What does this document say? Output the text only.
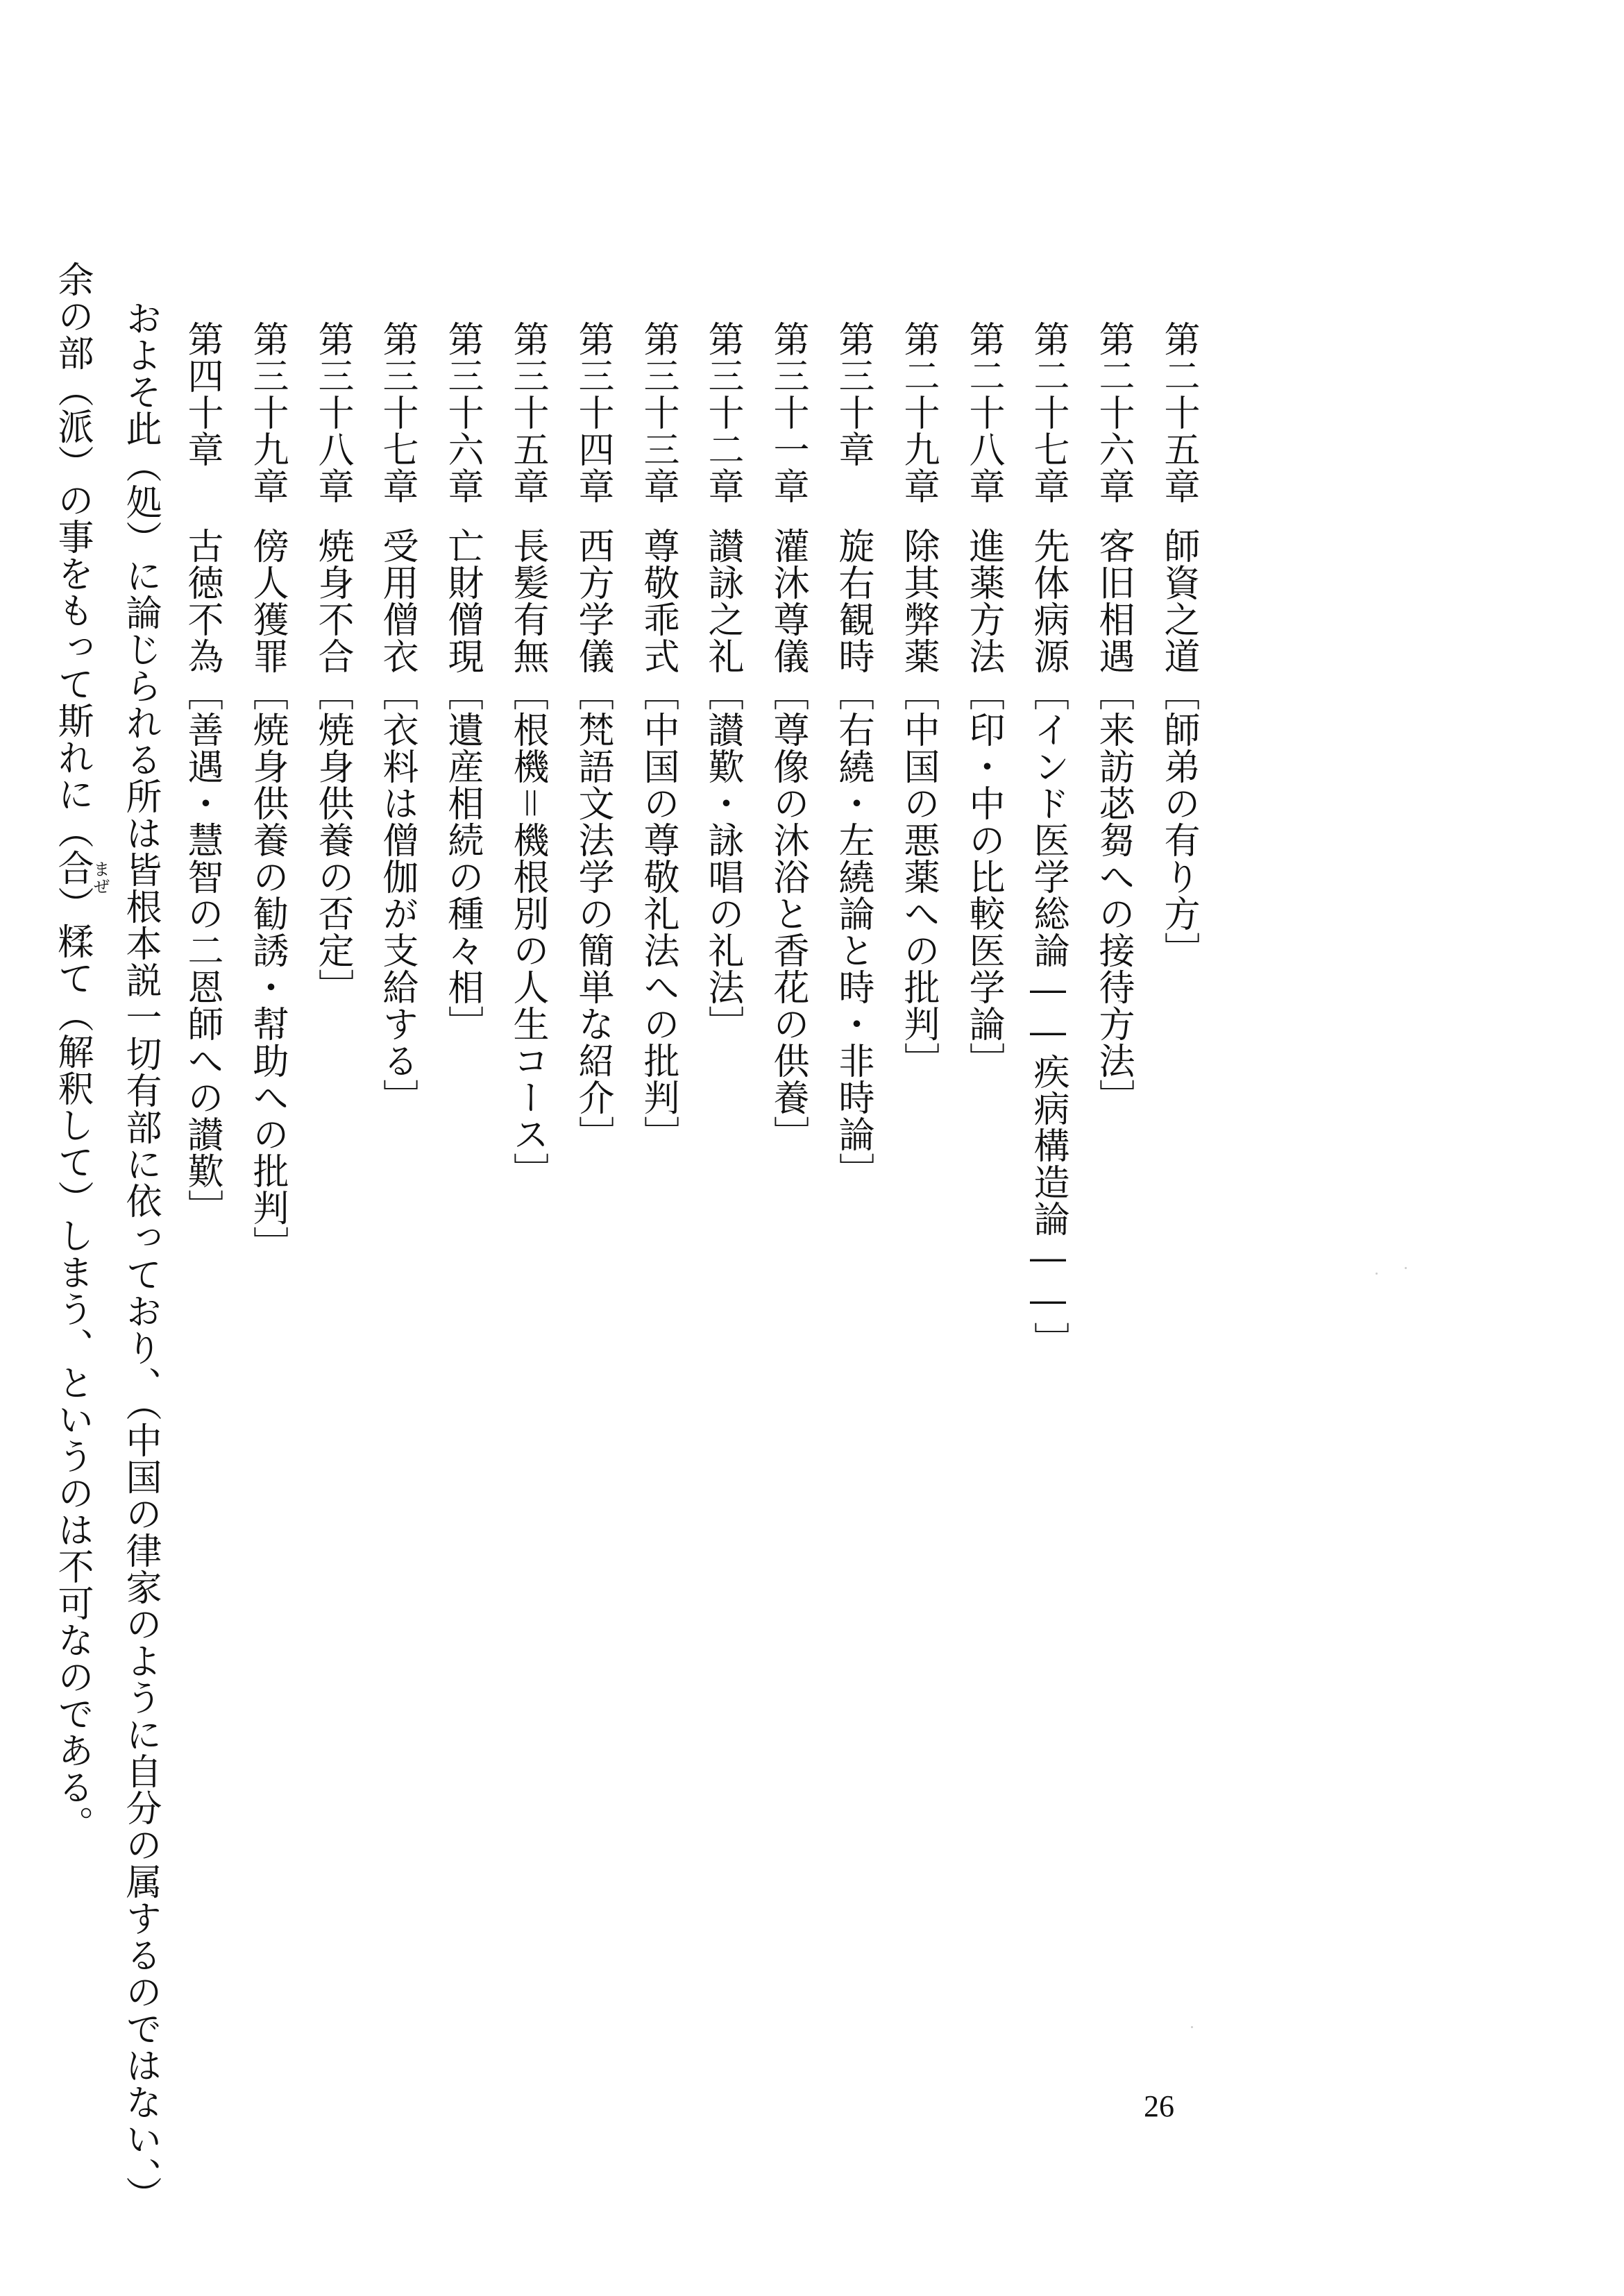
第二十五章
師資之道［師弟の有り方］
第二十六章
客旧相遇［来訪苾芻への接待方法］
第二十七章
先体病源［インド医学総論――疾病構造論――］
第二十八章
進薬方法［印・中の比較医学論］
第二十九章
除其弊薬［中国の悪薬への批判］
第三十章
旋右観時［右繞・左繞論と時・非時論］
第三十一章
灌沐尊儀［尊像の沐浴と香花の供養］
第三十二章
讃詠之礼［讃歎・詠唱の礼法］
第三十三章
尊敬乖式［中国の尊敬礼法への批判］
第三十四章
西方学儀［梵語文法学の簡単な紹介］
第三十五章
長髪有無［根機＝機根別の人生コース］
第三十六章
亡財僧現［遺産相続の種々相］
第三十七章
受用僧衣［衣料は僧伽が支給する］
第三十八章
焼身不合［焼身供養の否定］
第三十九章
傍人獲罪［焼身供養の勧誘・幇助への批判］
第四十章
古徳不為［善遇・慧智の二恩師への讃歎］
およそ此（処）に論じられる所は皆根本説一切有部に依っており、（中国の律家のように自分の属するのではない、）
余の部（派）の事をもって斯れに（合）糅て（解釈して）しまう、というのは不可なのである。
まぜ
26
